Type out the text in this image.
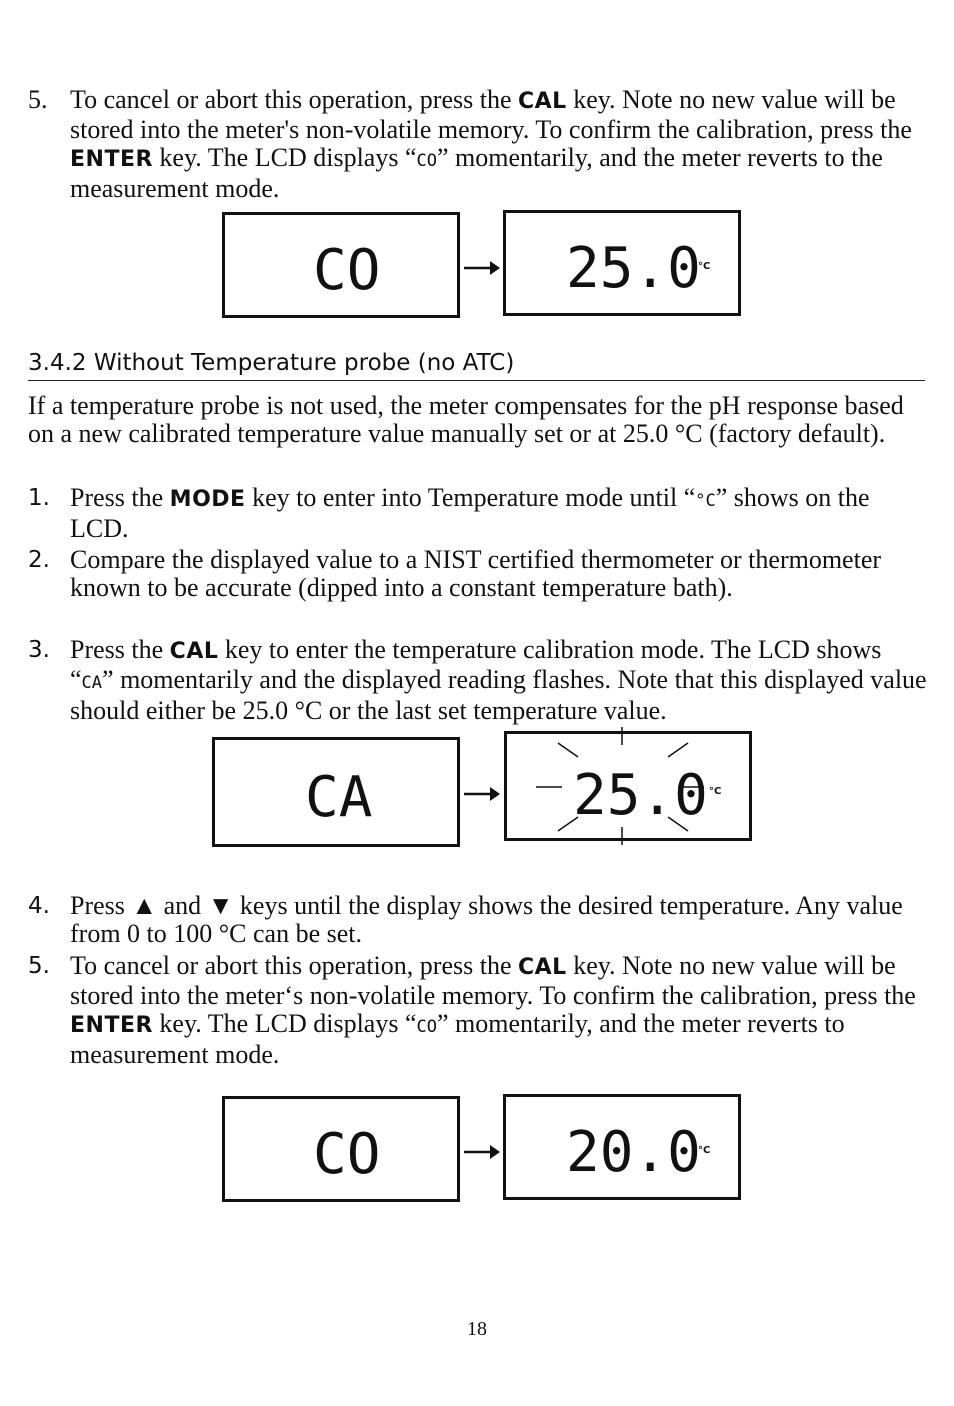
5. To cancel or abort this operation, press the CAL key. Note no new value will be stored into the meter's non-volatile memory. To confirm the calibration, press the ENTER key. The LCD displays “CO” momentarily, and the meter reverts to the measurement mode.
CO	25.0
°C
3.4.2 Without Temperature probe (no ATC)
If a temperature probe is not used, the meter compensates for the pH response based on a new calibrated temperature value manually set or at 25.0 °C (factory default).
1. Press the MODE key to enter into Temperature mode until “°C” shows on the LCD.
2. Compare the displayed value to a NIST certified thermometer or thermometer known to be accurate (dipped into a constant temperature bath).
3. Press the CAL key to enter the temperature calibration mode. The LCD shows “CA” momentarily and the displayed reading flashes. Note that this displayed value should either be 25.0 °C or the last set temperature value.
CA	25.0 °C
4. Press ▲ and ▼ keys until the display shows the desired temperature. Any value from 0 to 100 °C can be set.
5. To cancel or abort this operation, press the CAL key. Note no new value will be stored into the meter‘s non-volatile memory. To confirm the calibration, press the ENTER key. The LCD displays “CO” momentarily, and the meter reverts to measurement mode.
CO	20.0
°C
18
